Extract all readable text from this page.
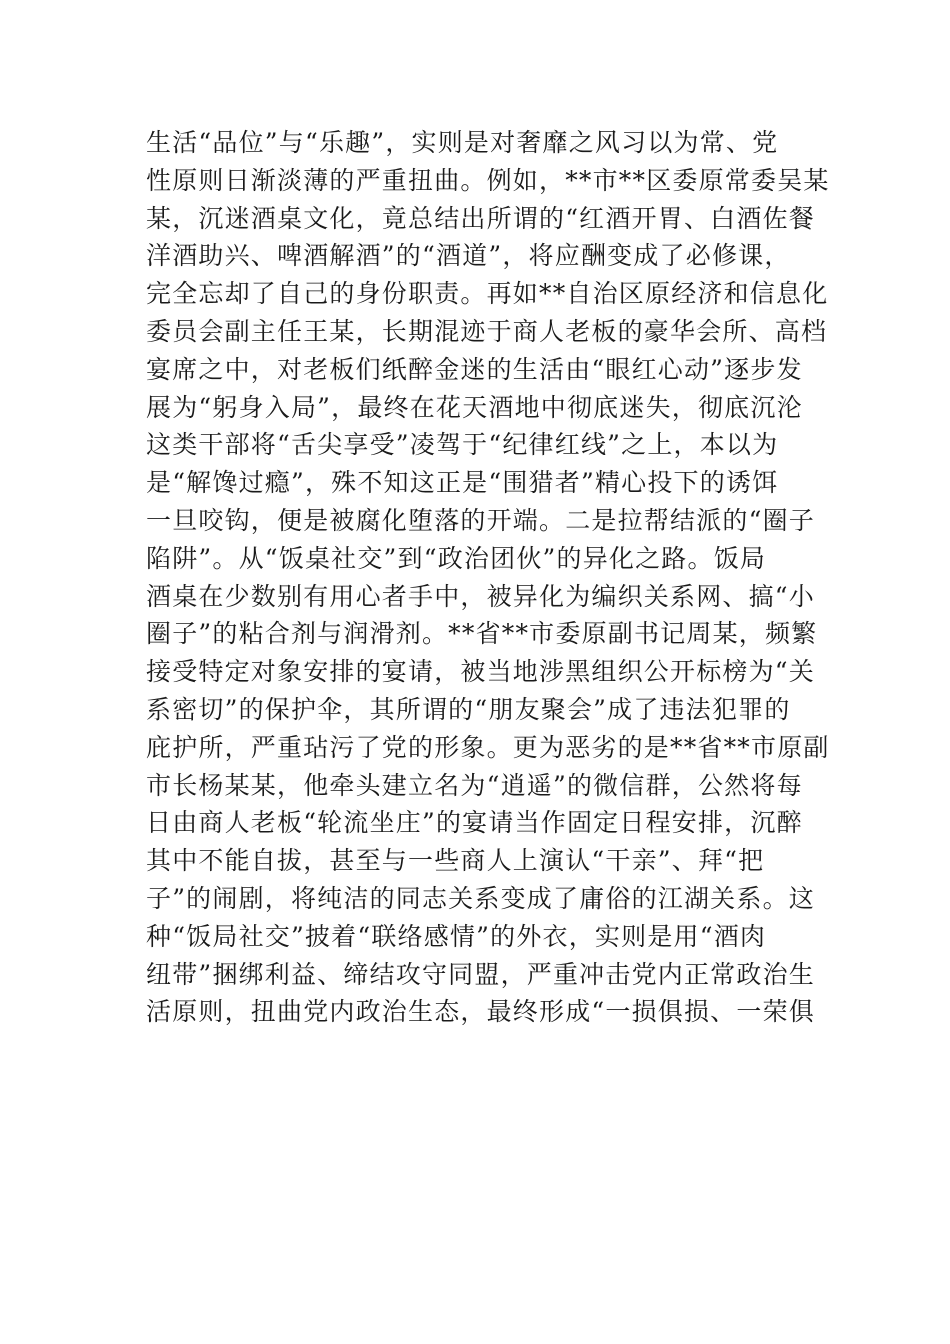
生活“品位”与“乐趣”，实则是对奢靡之风习以为常、党
性原则日渐淡薄的严重扭曲。例如，**市**区委原常委吴某
某，沉迷酒桌文化，竟总结出所谓的“红酒开胃、白酒佐餐
洋酒助兴、啤酒解酒”的“酒道”，将应酬变成了必修课，
完全忘却了自己的身份职责。再如**自治区原经济和信息化
委员会副主任王某，长期混迹于商人老板的豪华会所、高档
宴席之中，对老板们纸醉金迷的生活由“眼红心动”逐步发
展为“躬身入局”，最终在花天酒地中彻底迷失，彻底沉沦
这类干部将“舌尖享受”凌驾于“纪律红线”之上，本以为
是“解馋过瘾”，殊不知这正是“围猎者”精心投下的诱饵
一旦咬钩，便是被腐化堕落的开端。二是拉帮结派的“圈子
陷阱”。从“饭桌社交”到“政治团伙”的异化之路。饭局
酒桌在少数别有用心者手中，被异化为编织关系网、搞“小
圈子”的粘合剂与润滑剂。**省**市委原副书记周某，频繁
接受特定对象安排的宴请，被当地涉黑组织公开标榜为“关
系密切”的保护伞，其所谓的“朋友聚会”成了违法犯罪的
庇护所，严重玷污了党的形象。更为恶劣的是**省**市原副
市长杨某某，他牵头建立名为“逍遥”的微信群，公然将每
日由商人老板“轮流坐庄”的宴请当作固定日程安排，沉醉
其中不能自拔，甚至与一些商人上演认“干亲”、拜“把
子”的闹剧，将纯洁的同志关系变成了庸俗的江湖关系。这
种“饭局社交”披着“联络感情”的外衣，实则是用“酒肉
纽带”捆绑利益、缔结攻守同盟，严重冲击党内正常政治生
活原则，扭曲党内政治生态，最终形成“一损俱损、一荣俱
